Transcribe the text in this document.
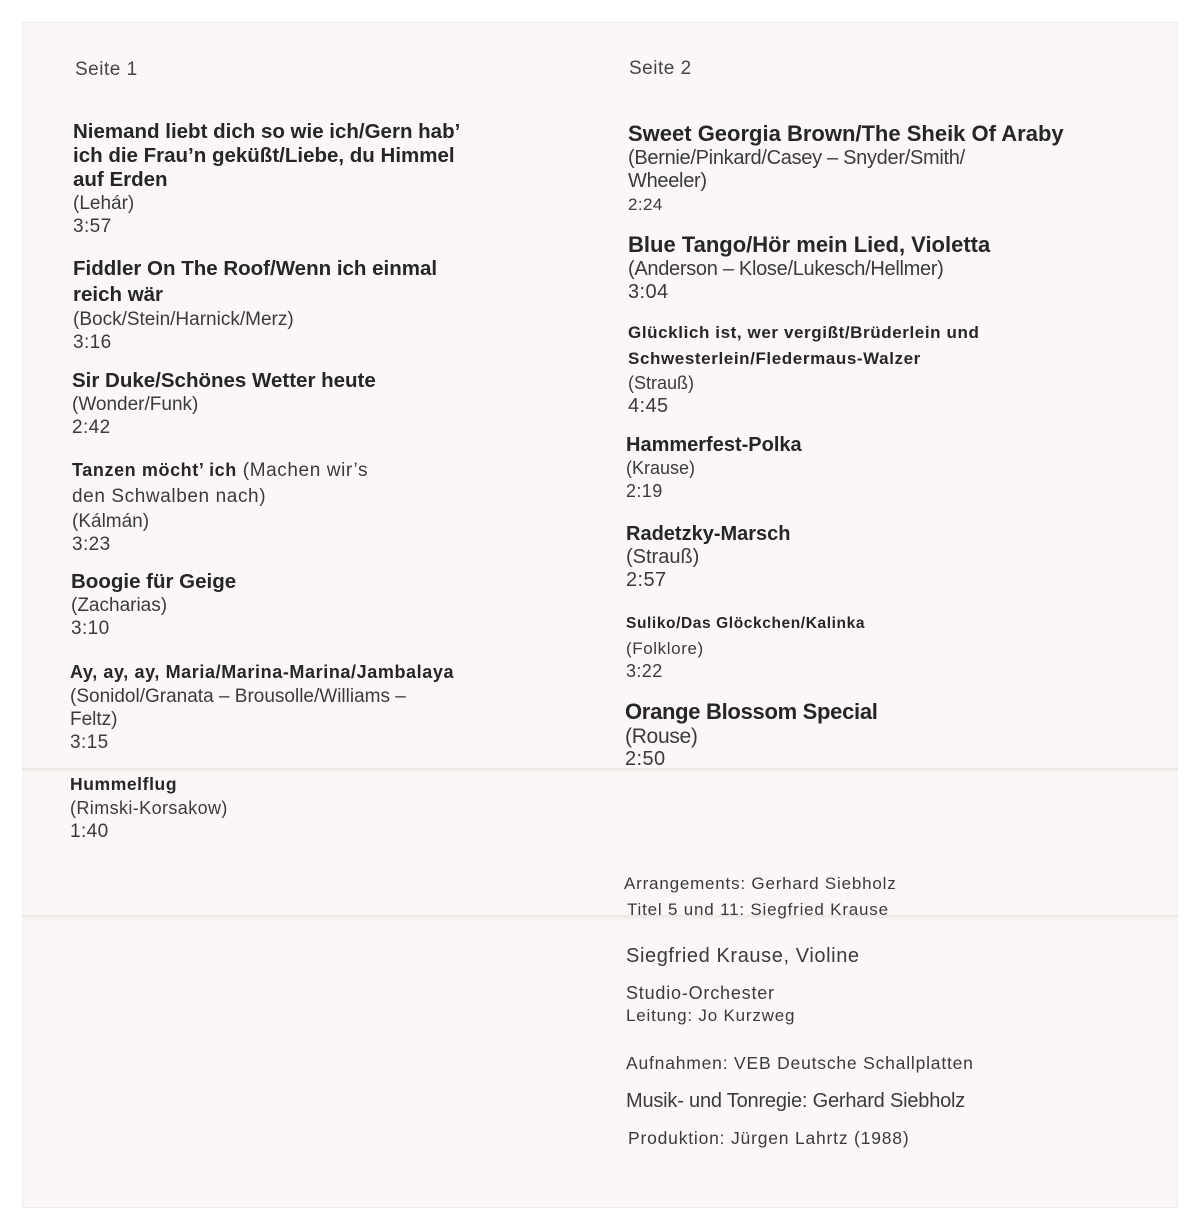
Seite 1
Niemand liebt dich so wie ich/Gern hab’
ich die Frau’n geküßt/Liebe, du Himmel
auf Erden
(Lehár)
3:57
Fiddler On The Roof/Wenn ich einmal
reich wär
(Bock/Stein/Harnick/Merz)
3:16
Sir Duke/Schönes Wetter heute
(Wonder/Funk)
2:42
Tanzen möcht’ ich (Machen wir’s
den Schwalben nach)
(Kálmán)
3:23
Boogie für Geige
(Zacharias)
3:10
Ay, ay, ay, Maria/Marina-Marina/Jambalaya
(Sonidol/Granata – Brousolle/Williams –
Feltz)
3:15
Hummelflug
(Rimski-Korsakow)
1:40
Seite 2
Sweet Georgia Brown/The Sheik Of Araby
(Bernie/Pinkard/Casey – Snyder/Smith/
Wheeler)
2:24
Blue Tango/Hör mein Lied, Violetta
(Anderson – Klose/Lukesch/Hellmer)
3:04
Glücklich ist, wer vergißt/Brüderlein und
Schwesterlein/Fledermaus-Walzer
(Strauß)
4:45
Hammerfest-Polka
(Krause)
2:19
Radetzky-Marsch
(Strauß)
2:57
Suliko/Das Glöckchen/Kalinka
(Folklore)
3:22
Orange Blossom Special
(Rouse)
2:50
Arrangements: Gerhard Siebholz
Titel 5 und 11: Siegfried Krause
Siegfried Krause, Violine
Studio-Orchester
Leitung: Jo Kurzweg
Aufnahmen: VEB Deutsche Schallplatten
Musik- und Tonregie: Gerhard Siebholz
Produktion: Jürgen Lahrtz (1988)
